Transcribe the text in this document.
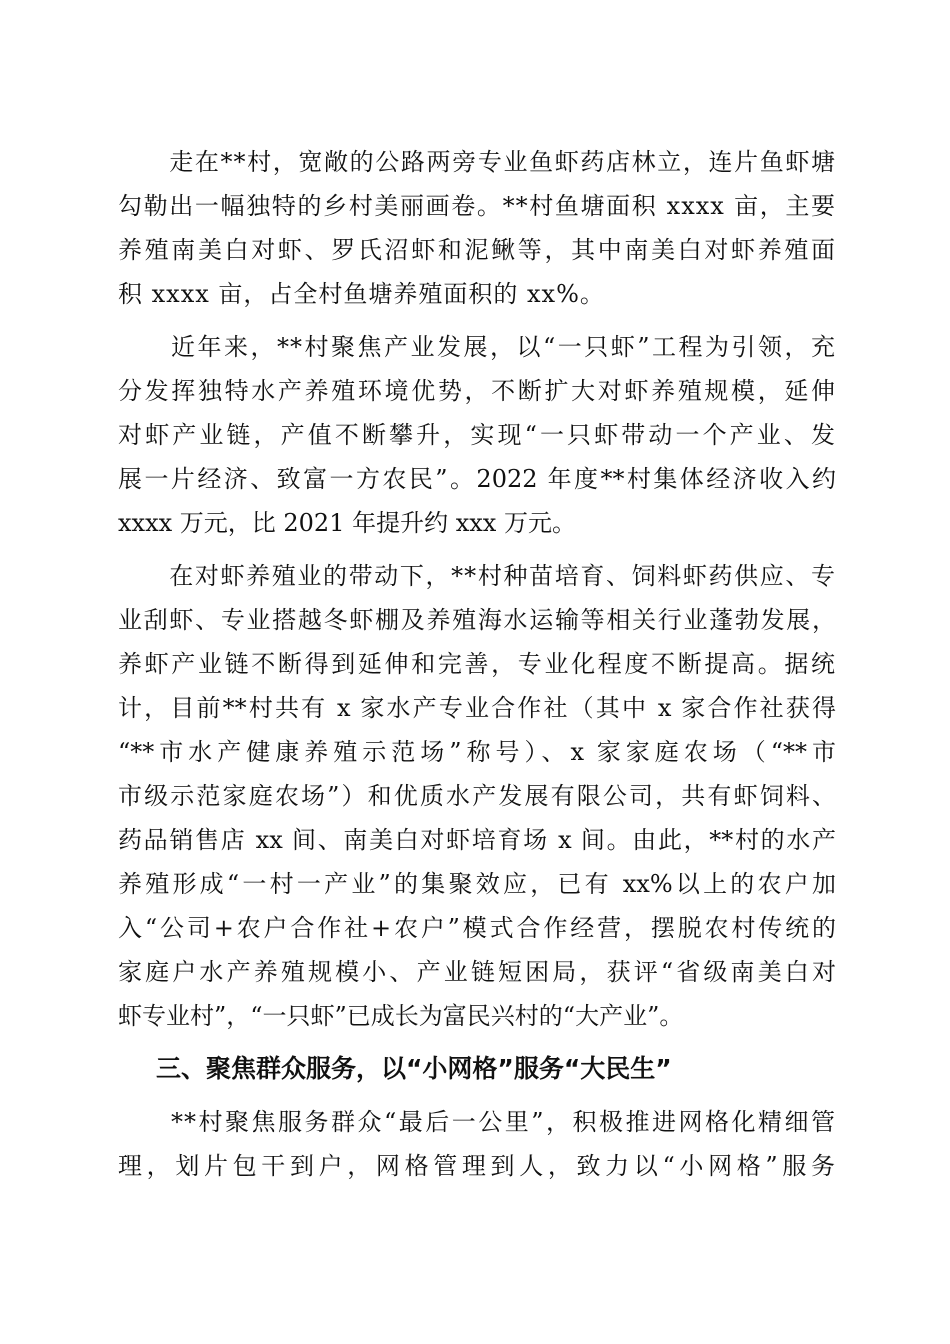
　　走在**村，宽敞的公路两旁专业鱼虾药店林立，连片鱼虾塘
勾勒出一幅独特的乡村美丽画卷。**村鱼塘面积 xxxx 亩，主要
养殖南美白对虾、罗氏沼虾和泥鳅等，其中南美白对虾养殖面
积 xxxx 亩，占全村鱼塘养殖面积的 xx%。
　　近年来，**村聚焦产业发展，以“一只虾”工程为引领，充
分发挥独特水产养殖环境优势，不断扩大对虾养殖规模，延伸
对虾产业链，产值不断攀升，实现“一只虾带动一个产业、发
展一片经济、致富一方农民”。2022 年度**村集体经济收入约
xxxx 万元，比 2021 年提升约 xxx 万元。
　　在对虾养殖业的带动下，**村种苗培育、饲料虾药供应、专
业刮虾、专业搭越冬虾棚及养殖海水运输等相关行业蓬勃发展，
养虾产业链不断得到延伸和完善，专业化程度不断提高。据统
计，目前**村共有 x 家水产专业合作社（其中 x 家合作社获得
“**市水产健康养殖示范场”称号）、x 家家庭农场（“**市
市级示范家庭农场”）和优质水产发展有限公司，共有虾饲料、
药品销售店 xx 间、南美白对虾培育场 x 间。由此，**村的水产
养殖形成“一村一产业”的集聚效应，已有 xx%以上的农户加
入“公司+农户合作社+农户”模式合作经营，摆脱农村传统的
家庭户水产养殖规模小、产业链短困局，获评“省级南美白对
虾专业村”，“一只虾”已成长为富民兴村的“大产业”。
三、聚焦群众服务，以“小网格”服务“大民生”
　　**村聚焦服务群众“最后一公里”，积极推进网格化精细管
理，划片包干到户，网格管理到人，致力以“小网格”服务
